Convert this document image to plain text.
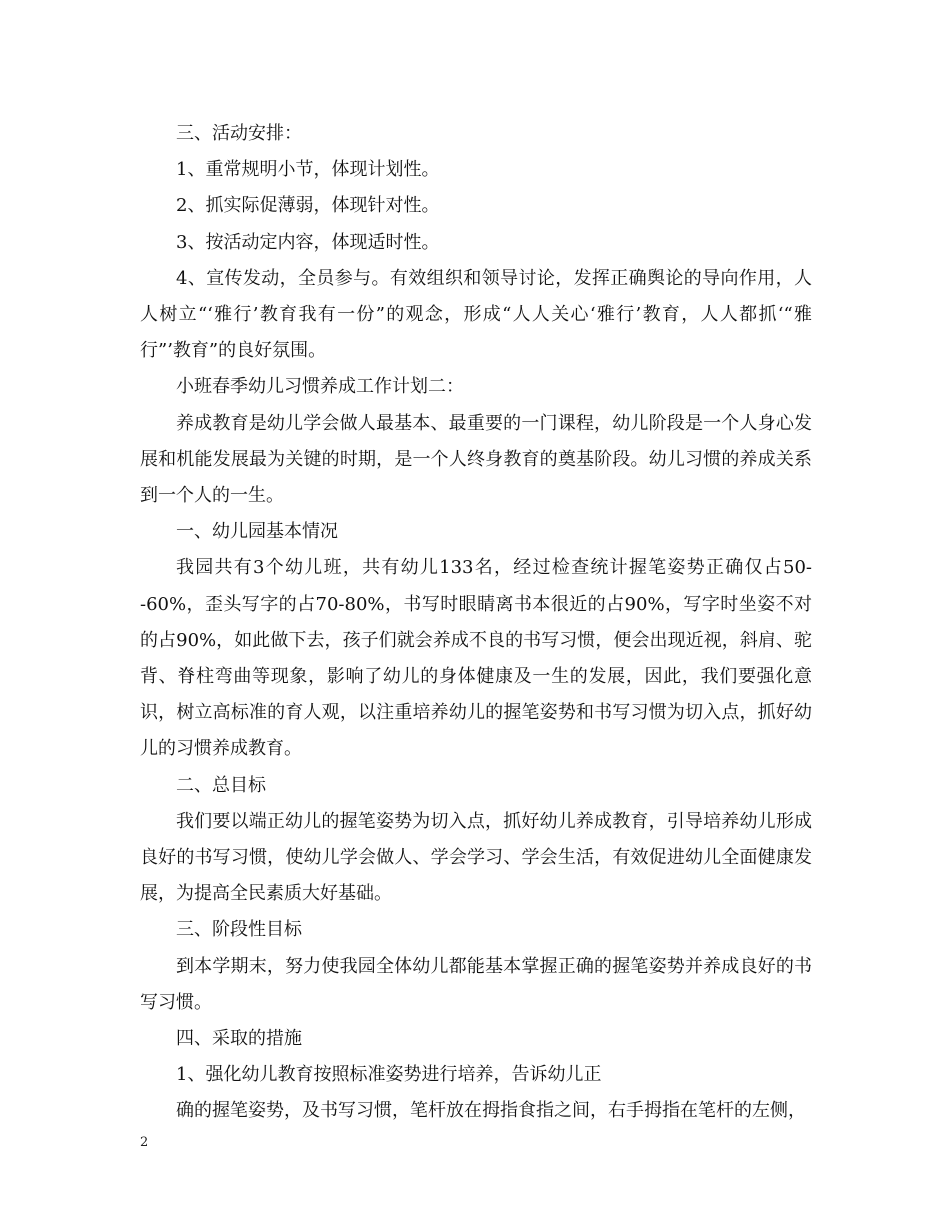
三、活动安排：

1、重常规明小节，体现计划性。

2、抓实际促薄弱，体现针对性。

3、按活动定内容，体现适时性。

4、宣传发动，全员参与。有效组织和领导讨论，发挥正确舆论的导向作用，人人树立“‘雅行’教育我有一份”的观念，形成“人人关心‘雅行’教育，人人都抓‘“雅行”’教育”的良好氛围。

小班春季幼儿习惯养成工作计划二：

养成教育是幼儿学会做人最基本、最重要的一门课程，幼儿阶段是一个人身心发展和机能发展最为关键的时期，是一个人终身教育的奠基阶段。幼儿习惯的养成关系到一个人的一生。

一、幼儿园基本情况

我园共有3个幼儿班，共有幼儿133名，经过检查统计握笔姿势正确仅占50--60%，歪头写字的占70-80%，书写时眼睛离书本很近的占90%，写字时坐姿不对的占90%，如此做下去，孩子们就会养成不良的书写习惯，便会出现近视，斜肩、驼背、脊柱弯曲等现象，影响了幼儿的身体健康及一生的发展，因此，我们要强化意识，树立高标准的育人观，以注重培养幼儿的握笔姿势和书写习惯为切入点，抓好幼儿的习惯养成教育。

二、总目标

我们要以端正幼儿的握笔姿势为切入点，抓好幼儿养成教育，引导培养幼儿形成良好的书写习惯，使幼儿学会做人、学会学习、学会生活，有效促进幼儿全面健康发展，为提高全民素质大好基础。

三、阶段性目标

到本学期末，努力使我园全体幼儿都能基本掌握正确的握笔姿势并养成良好的书写习惯。

四、采取的措施

1、强化幼儿教育按照标准姿势进行培养，告诉幼儿正

确的握笔姿势，及书写习惯，笔杆放在拇指食指之间，右手拇指在笔杆的左侧，

2
